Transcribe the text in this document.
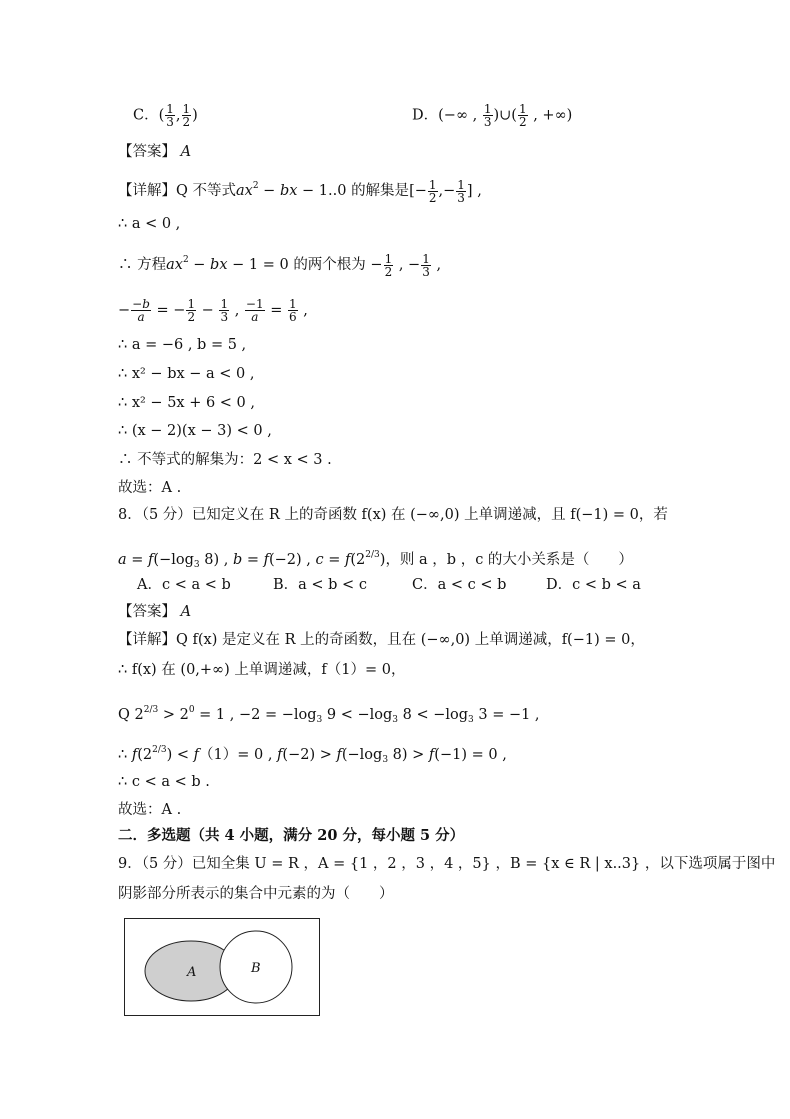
C．( $\frac{1}{3}$ , $\frac{1}{2}$ )	D．(−∞ , $\frac{1}{3}$ )∪( $\frac{1}{2}$ , +∞)
【答案】 A
【详解】Q 不等式$ax^2$ − bx − 1..0 的解集是[− $\frac{1}{2}$ ,− $\frac{1}{3}$ ] ,
∴ a < 0 ,
∴ 方程$ax^2$ − bx − 1 = 0 的两个根为 − $\frac{1}{2}$ , − $\frac{1}{3}$ ,
− $\frac{-b}{a}$ = − $\frac{1}{2} - \frac{1}{3}$ , $\frac{-1}{a} = \frac{1}{6}$ ,
∴ a = −6 , b = 5 ,
∴ x² − bx − a < 0 ,
∴ x² − 5x + 6 < 0 ,
∴ (x − 2)(x − 3) < 0 ,
∴ 不等式的解集为：2 < x < 3 .
故选：A .
8．（5 分）已知定义在 R 上的奇函数 f(x) 在 (−∞,0) 上单调递减，且 f(−1) = 0，若
$a = f(-\log_3$ 8) , b = f(−2) , $c = f(2^{2/3})$，则 a ，b ，c 的大小关系是（　　）
A．c < a < b	B．a < b < c	C．a < c < b	D．c < b < a
【答案】 A
【详解】Q f(x) 是定义在 R 上的奇函数，且在 (−∞,0) 上单调递减，f(−1) = 0，
∴ f(x) 在 (0,+∞) 上单调递减，f（1）= 0，
Q $2^{2/3} > 2^0 = 1$ , $-2 = -\log_3$ $9 < -\log_3$ $8 < -\log_3$ 3 = −1 ,
∴ $f(2^{2/3}) < f(1)= 0$ , $f(-2) > f(-\log_3$ 8) > f(−1) = 0 ,
∴ c < a < b .
故选：A .
二．多选题（共 4 小题，满分 20 分，每小题 5 分）
9．（5 分）已知全集 U = R ，A = {1 ，2 ，3 ，4 ，5} ，B = {x ∈ R | x..3} ，以下选项属于图中
阴影部分所表示的集合中元素的为（　　）
A	B
